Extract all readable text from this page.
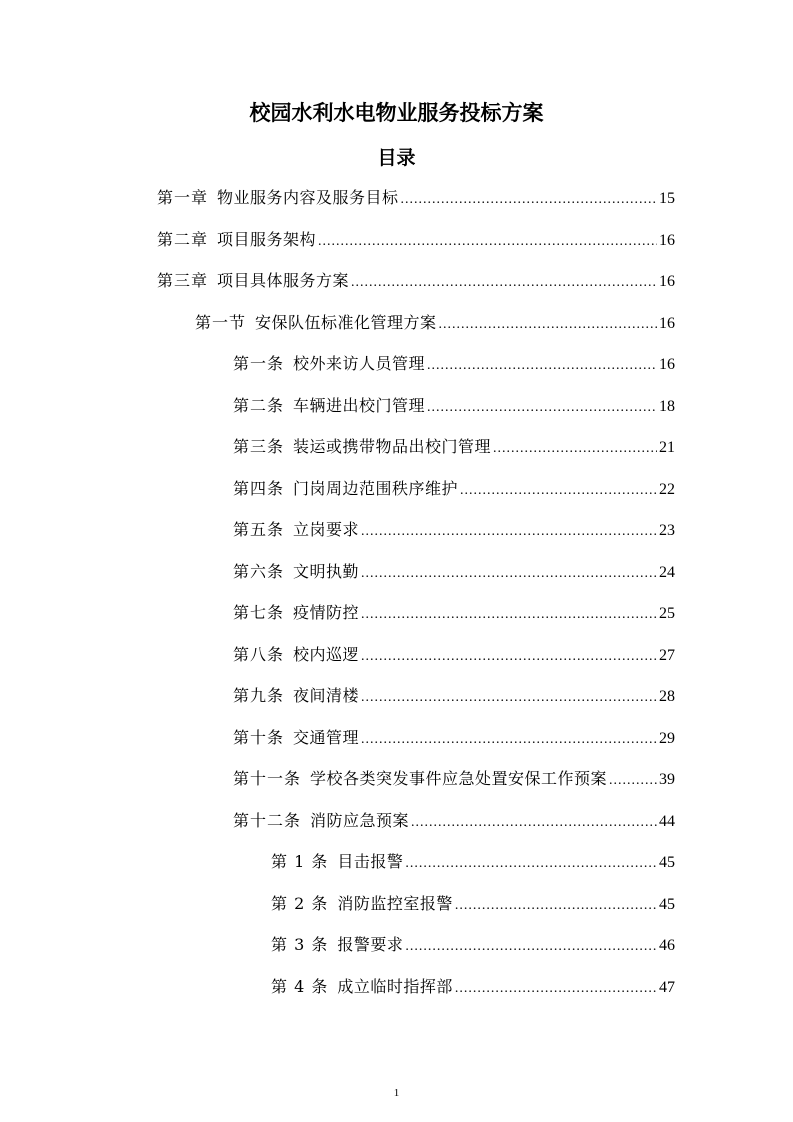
校园水利水电物业服务投标方案
目录
第一章 物业服务内容及服务目标 .....	15
第二章 项目服务架构 .....	16
第三章 项目具体服务方案 .....	16
第一节 安保队伍标准化管理方案 .....	16
第一条 校外来访人员管理 .....	16
第二条 车辆进出校门管理 .....	18
第三条 装运或携带物品出校门管理 .....	21
第四条 门岗周边范围秩序维护 .....	22
第五条 立岗要求 .....	23
第六条 文明执勤 .....	24
第七条 疫情防控 .....	25
第八条 校内巡逻 .....	27
第九条 夜间清楼 .....	28
第十条 交通管理 .....	29
第十一条 学校各类突发事件应急处置安保工作预案 .....	39
第十二条 消防应急预案 .....	44
第 1 条 目击报警 .....	45
第 2 条 消防监控室报警 .....	45
第 3 条 报警要求 .....	46
第 4 条 成立临时指挥部 .....	47
1
